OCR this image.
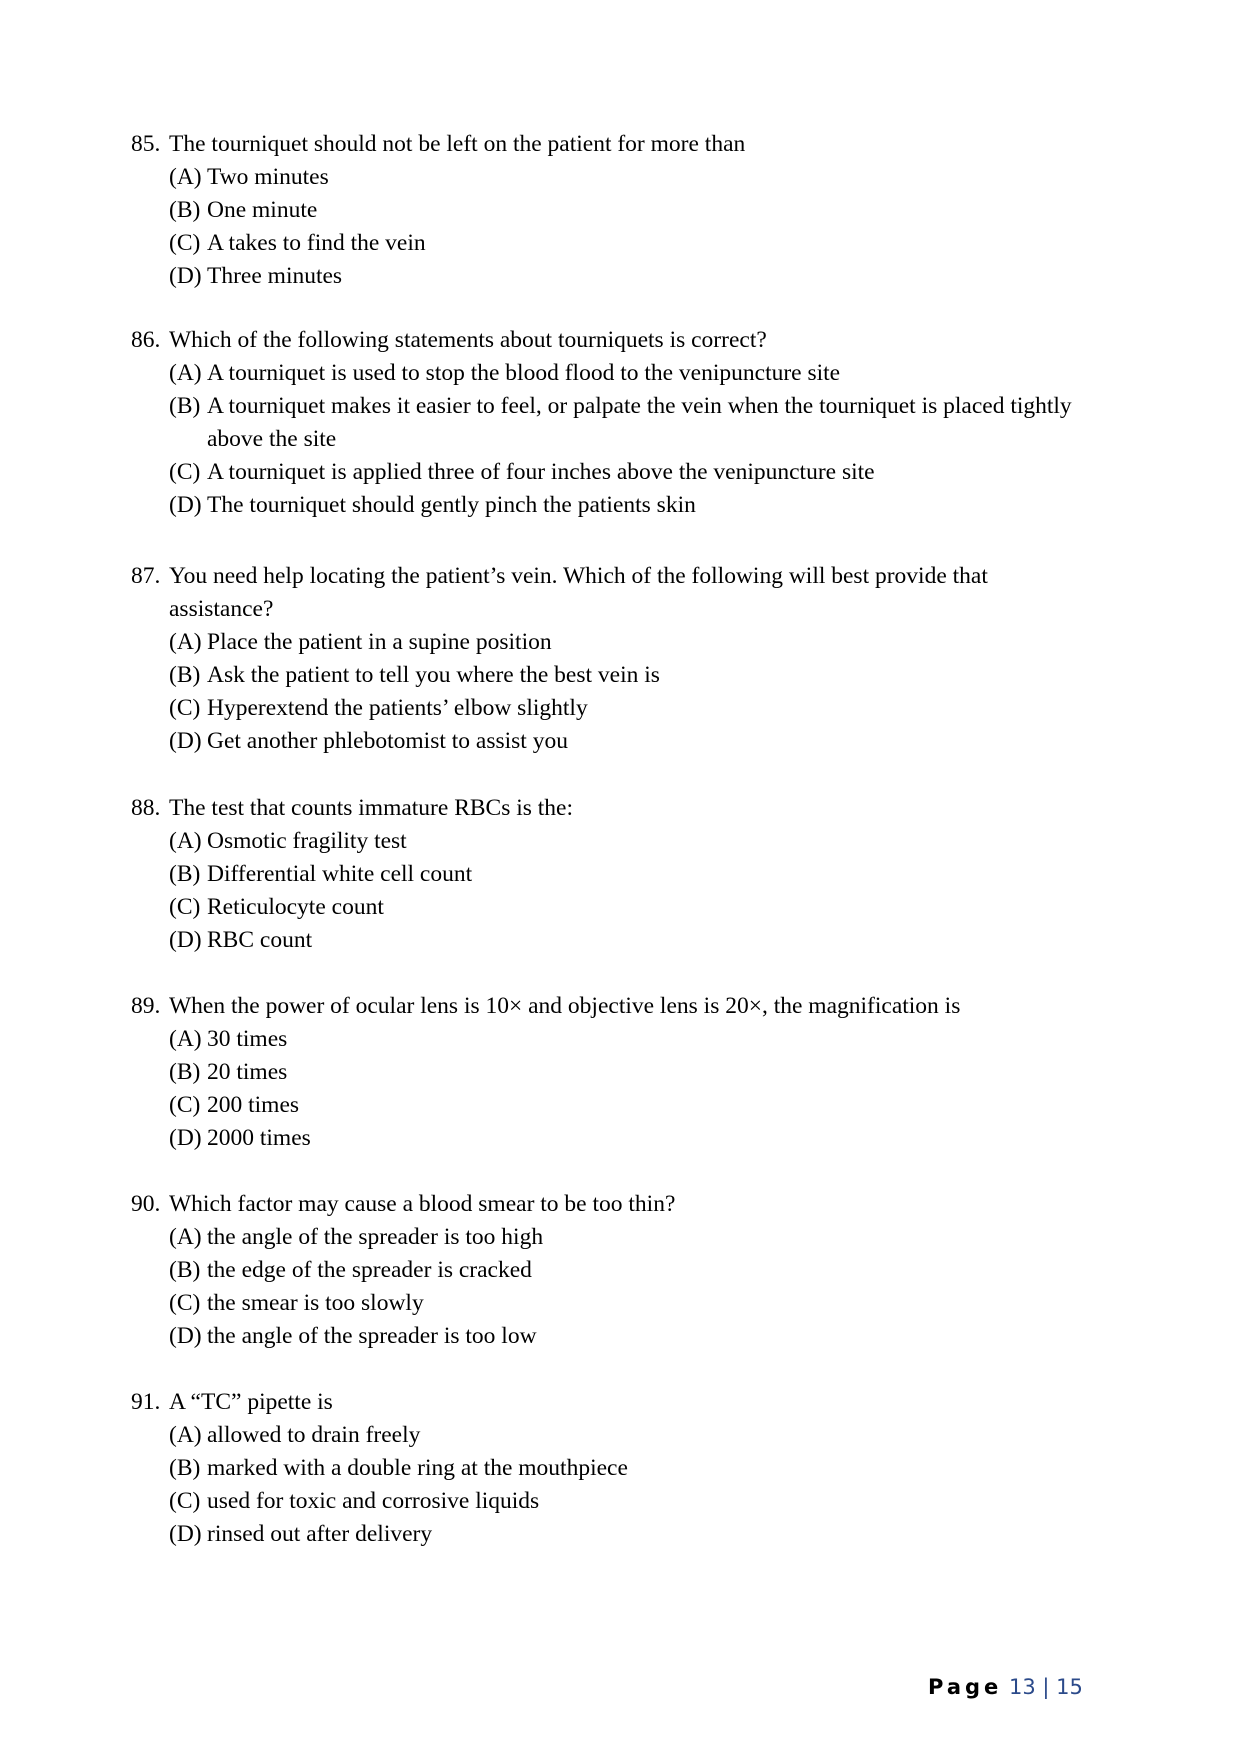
85. The tourniquet should not be left on the patient for more than
(A) Two minutes
(B) One minute
(C) A takes to find the vein
(D) Three minutes
86. Which of the following statements about tourniquets is correct?
(A) A tourniquet is used to stop the blood flood to the venipuncture site
(B) A tourniquet makes it easier to feel, or palpate the vein when the tourniquet is placed tightly above the site
(C) A tourniquet is applied three of four inches above the venipuncture site
(D) The tourniquet should gently pinch the patients skin
87. You need help locating the patient’s vein. Which of the following will best provide that assistance?
(A) Place the patient in a supine position
(B) Ask the patient to tell you where the best vein is
(C) Hyperextend the patients’ elbow slightly
(D) Get another phlebotomist to assist you
88. The test that counts immature RBCs is the:
(A) Osmotic fragility test
(B) Differential white cell count
(C) Reticulocyte count
(D) RBC count
89. When the power of ocular lens is 10× and objective lens is 20×, the magnification is
(A) 30 times
(B) 20 times
(C) 200 times
(D) 2000 times
90. Which factor may cause a blood smear to be too thin?
(A) the angle of the spreader is too high
(B) the edge of the spreader is cracked
(C) the smear is too slowly
(D) the angle of the spreader is too low
91. A “TC” pipette is
(A) allowed to drain freely
(B) marked with a double ring at the mouthpiece
(C) used for toxic and corrosive liquids
(D) rinsed out after delivery
Page 13 | 15
